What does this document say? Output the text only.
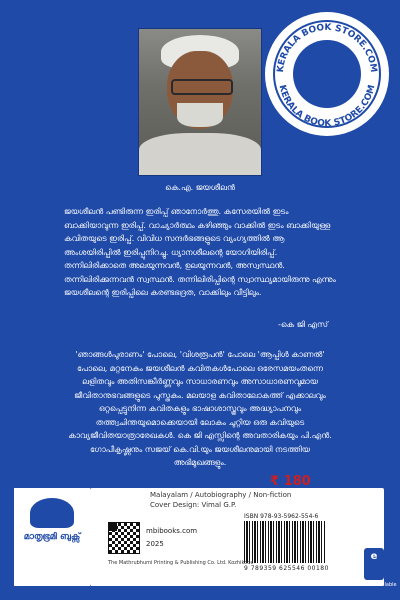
KERALA BOOK STORE.COM
KERALA BOOK STORE.COM
കെ.എ. ജയശീലൻ
ജയശീലൻ പണ്ടിരുന്ന ഇരിപ്പ് ഞാനോർത്തു. കസേരയിൽ ഇടം ബാക്കിയാവുന്ന ഇരിപ്പ്. വാച്യാർത്ഥം കഴിഞ്ഞും വാക്കിൽ ഇടം ബാക്കിയുള്ള കവിതയുടെ ഇരിപ്പ്. വിവിധ സന്ദർഭങ്ങളുടെ വ്യംഗ്യത്തിൽ ആ അംശയിരിപ്പിൽ ഇരിപ്പുനിറച്ചു. ധ്യാനശീലന്റെ യോഗിയിരിപ്പ്. തന്നിലിരിക്കാതെ അലയുന്നവൻ, ഉലയുന്നവൻ, അസ്വസ്ഥൻ. തന്നിലിരിക്കുന്നവൻ സ്വസ്ഥൻ. തന്നിലിരിപ്പിന്റെ സ്വാസ്ഥ്യമായിരുന്നു എന്നും ജയശീലന്റെ ഇരിപ്പിലെ കരണ്ടഭദ്രത, വാക്കിലും വീട്ടിലും.
-കെ ജി എസ്
'ഞാങ്ങൾപുരാണം' പോലെ, 'വിശരൂപൻ' പോലെ 'ആപ്പിൾ കാണൽ' പോലെ, മറ്റനേകം ജയശീലൻ കവിതകൾപോലെ ഒരേസമയംതന്നെ ലളിതവും അതിസങ്കീർണ്ണവും സാധാരണവും അസാധാരണവുമായ ജീവിതാനുഭവങ്ങളുടെ പുസ്തകം. മലയാള കവിതാലോകത്ത് എക്കാലവും ഒറ്റപ്പെട്ടുനിന്ന കവിതകളും ഭാഷാശാസ്ത്രവും അദ്ധ്യാപനവും തത്ത്വചിന്തയുമൊക്കെയായി ലോകം ചുറ്റിയ ഒരു കവിയുടെ കാവ്യജീവിതയാത്രാരേഖകൾ. കെ ജി എസ്സിന്റെ അവതാരികയും പി.എൻ. ഗോപീകൃഷ്ണനും സജയ് കെ.വി.യും ജയശീലനുമായി നടത്തിയ അഭിമുഖങ്ങളും.
മാതൃഭൂമി ബുക്സ്
₹ 180
Malayalam / Autobiography / Non-fiction
Cover Design: Vimal G.P.
ISBN 978-93-5962-554-6
9 789359 625546 00180
mbibooks.com
2025
The Mathrubhumi Printing & Publishing Co. Ltd. Kozhikode
e
Book available
